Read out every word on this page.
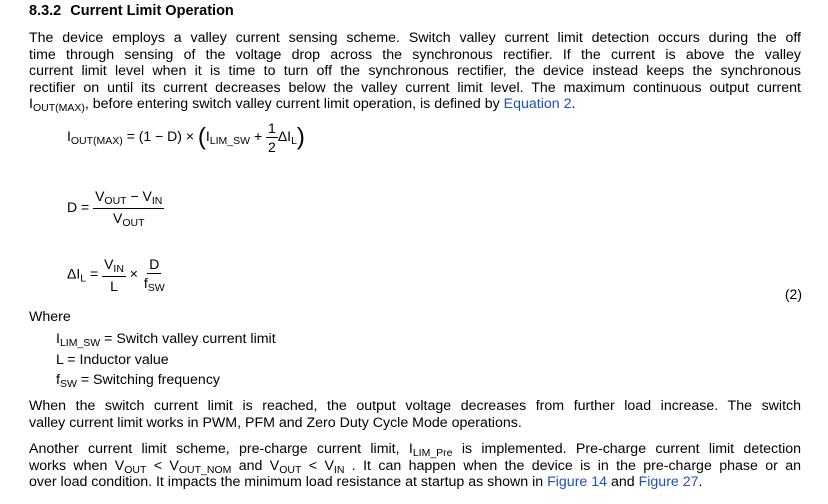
8.3.2 Current Limit Operation
The device employs a valley current sensing scheme. Switch valley current limit detection occurs during the off
time through sensing of the voltage drop across the synchronous rectifier. If the current is above the valley
current limit level when it is time to turn off the synchronous rectifier, the device instead keeps the synchronous
rectifier on until its current decreases below the valley current limit level. The maximum continuous output current
$I_{OUT(MAX)}$, before entering switch valley current limit operation, is defined by Equation 2.
$I_{OUT(MAX)} = (1 - D) \times (I_{LIM\_SW} + \frac{1}{2} \Delta I_L)$
$D = \frac{V_{OUT} - V_{IN}}{V_{OUT}}$
$\Delta I_L = \frac{V_{IN}}{L} \times \frac{D}{f_{SW}}$	(2)
Where
$I_{LIM\_SW}$ = Switch valley current limit
L = Inductor value
$f_{SW}$ = Switching frequency
When the switch current limit is reached, the output voltage decreases from further load increase. The switch
valley current limit works in PWM, PFM and Zero Duty Cycle Mode operations.
Another current limit scheme, pre-charge current limit, $I_{LIM\_Pre}$ is implemented. Pre-charge current limit detection
works when $V_{OUT} < V_{OUT\_NOM}$ and $V_{OUT} < V_{IN}$ . It can happen when the device is in the pre-charge phase or an
over load condition. It impacts the minimum load resistance at startup as shown in Figure 14 and Figure 27.
